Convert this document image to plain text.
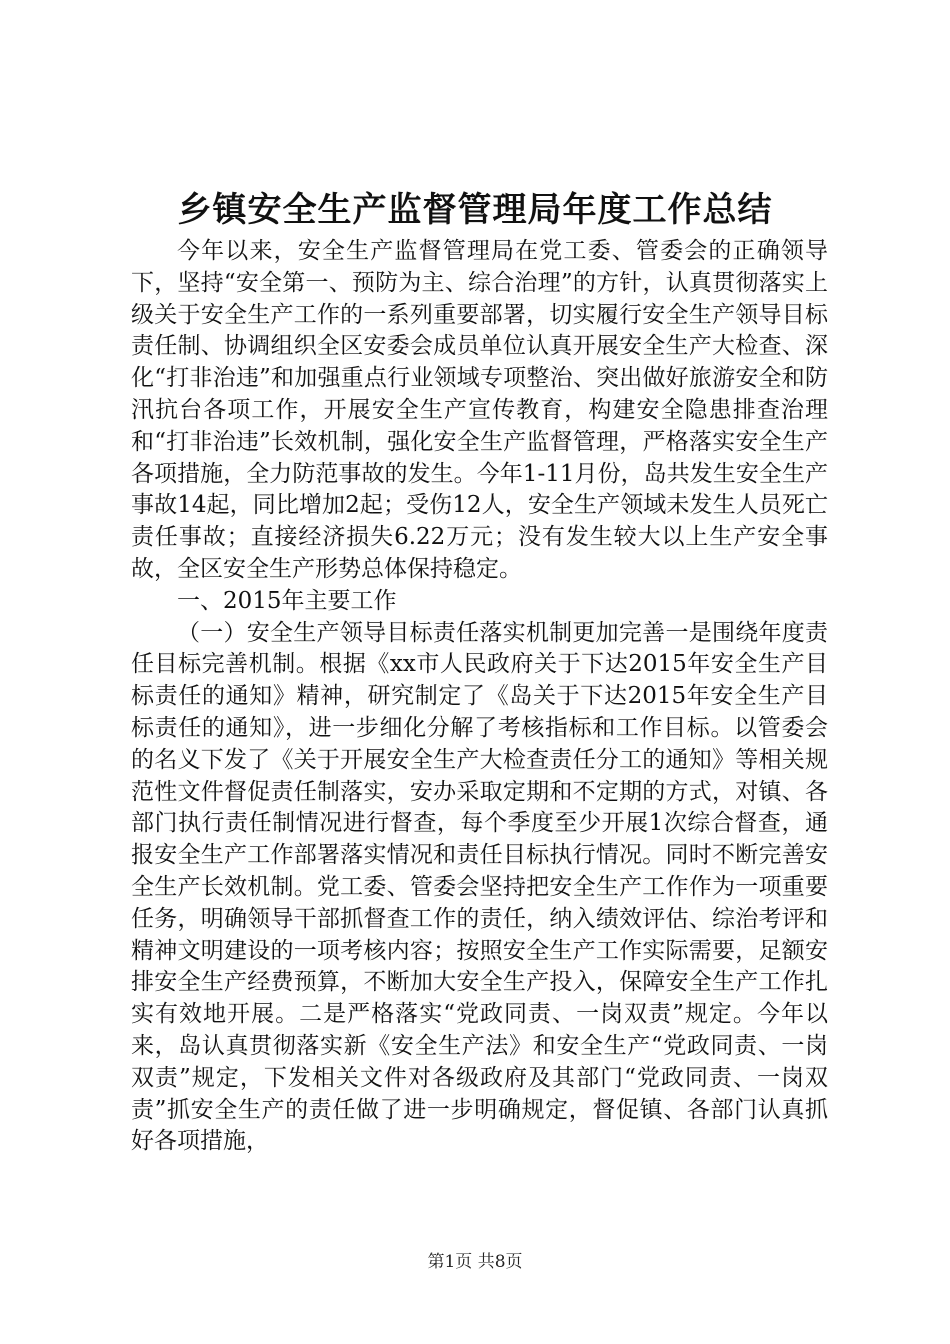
乡镇安全生产监督管理局年度工作总结

今年以来，安全生产监督管理局在党工委、管委会的正确领导下，坚持“安全第一、预防为主、综合治理”的方针，认真贯彻落实上级关于安全生产工作的一系列重要部署，切实履行安全生产领导目标责任制、协调组织全区安委会成员单位认真开展安全生产大检查、深化“打非治违”和加强重点行业领域专项整治、突出做好旅游安全和防汛抗台各项工作，开展安全生产宣传教育，构建安全隐患排查治理和“打非治违”长效机制，强化安全生产监督管理，严格落实安全生产各项措施，全力防范事故的发生。今年1-11月份，岛共发生安全生产事故14起，同比增加2起；受伤12人，安全生产领域未发生人员死亡责任事故；直接经济损失6.22万元；没有发生较大以上生产安全事故，全区安全生产形势总体保持稳定。

一、2015年主要工作

（一）安全生产领导目标责任落实机制更加完善一是围绕年度责任目标完善机制。根据《xx市人民政府关于下达2015年安全生产目标责任的通知》精神，研究制定了《岛关于下达2015年安全生产目标责任的通知》，进一步细化分解了考核指标和工作目标。以管委会的名义下发了《关于开展安全生产大检查责任分工的通知》等相关规范性文件督促责任制落实，安办采取定期和不定期的方式，对镇、各部门执行责任制情况进行督查，每个季度至少开展1次综合督查，通报安全生产工作部署落实情况和责任目标执行情况。同时不断完善安全生产长效机制。党工委、管委会坚持把安全生产工作作为一项重要任务，明确领导干部抓督查工作的责任，纳入绩效评估、综治考评和精神文明建设的一项考核内容；按照安全生产工作实际需要，足额安排安全生产经费预算，不断加大安全生产投入，保障安全生产工作扎实有效地开展。二是严格落实“党政同责、一岗双责”规定。今年以来，岛认真贯彻落实新《安全生产法》和安全生产“党政同责、一岗双责”规定，下发相关文件对各级政府及其部门“党政同责、一岗双责”抓安全生产的责任做了进一步明确规定，督促镇、各部门认真抓好各项措施，

第1页 共8页
